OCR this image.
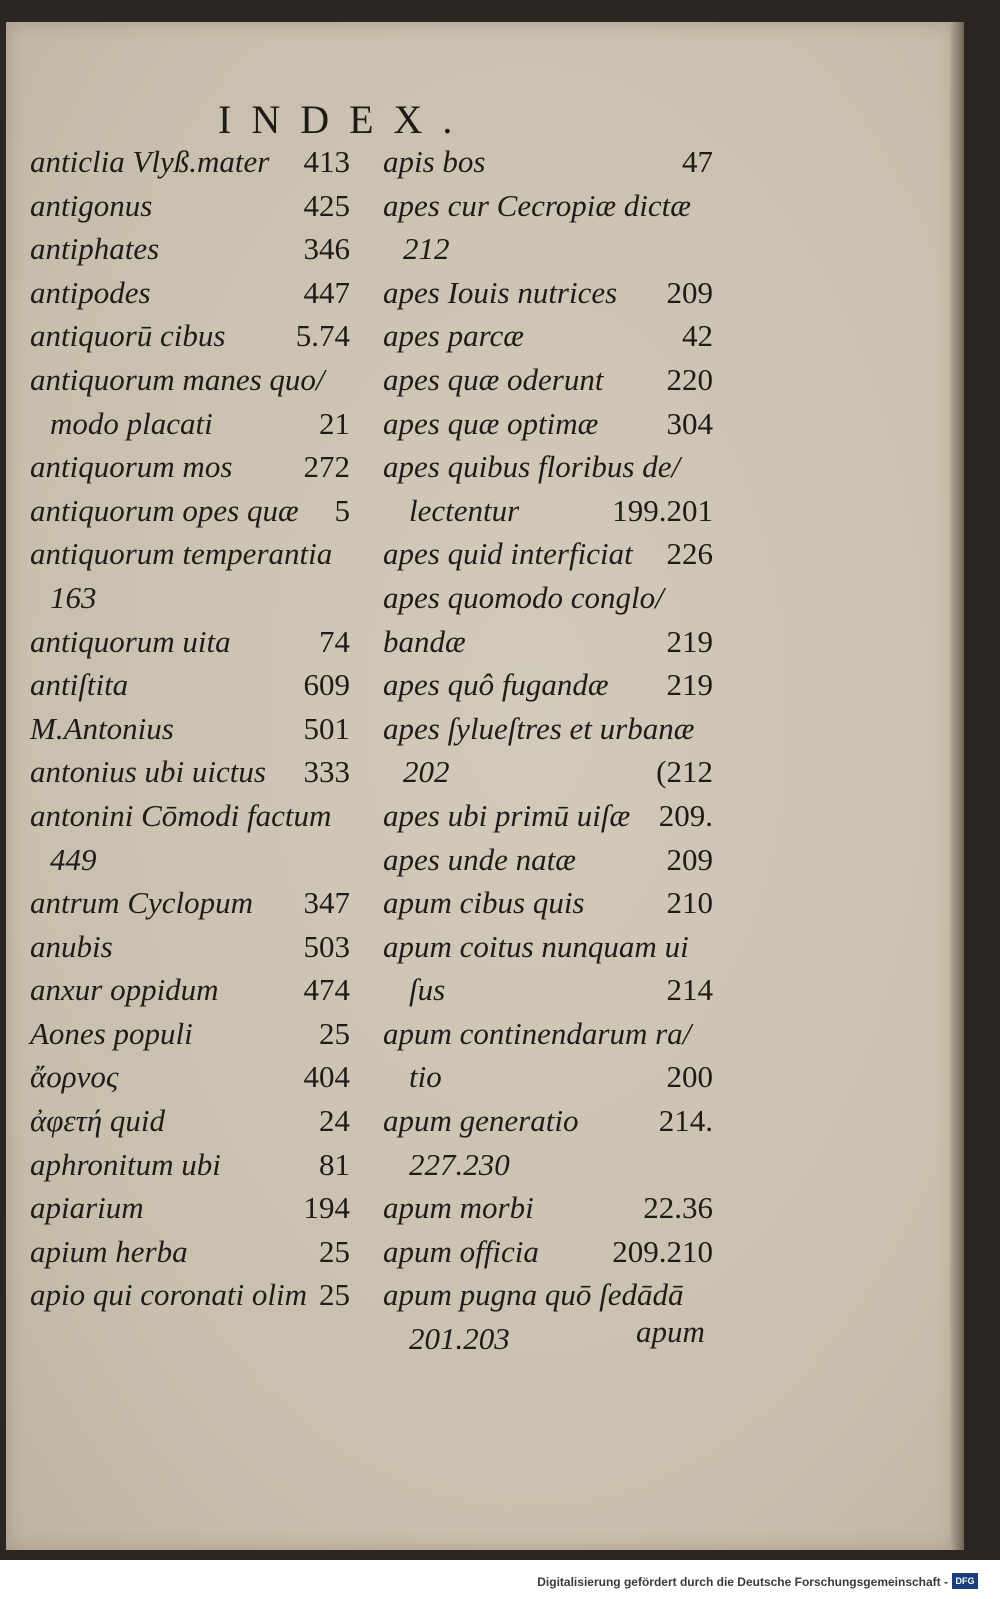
INDEX.
anticlia Vlyß.mater 413
antigonus	425
antiphates	346
antipodes	447
antiquorū cibus 5.74
antiquorum manes quo/
modo placati	21
antiquorum mos 272
antiquorum opes quæ 5
antiquorum temperantia
163
antiquorum uita	74
antiſtita	609
M.Antonius	501
antonius ubi uictus 333
antonini Cōmodi factum
449
antrum Cyclopum 347
anubis	503
anxur oppidum	474
Aones populi	25
ἄορνος	404
ἀφετή quid	24
aphronitum ubi	81
apiarium	194
apium herba	25
apio qui coronati olim 25
apis bos	47
apes cur Cecropiæ dictæ
212
apes Iouis nutrices 209
apes parcæ	42
apes quæ oderunt 220
apes quæ optimæ 304
apes quibus floribus de/
lectentur	199.201
apes quid interficiat 226
apes quomodo conglo/
bandæ	219
apes quô fugandæ 219
apes ſylueſtres et urbanæ
202	(212
apes ubi primū uiſæ 209.
apes unde natæ	209
apum cibus quis	210
apum coitus nunquam ui
ſus	214
apum continendarum ra/
tio	200
apum generatio	214.
227.230
apum morbi	22.36
apum officia 209.210
apum pugna quō ſedādā
201.203	apum
Digitalisierung gefördert durch die Deutsche Forschungsgemeinschaft - DFG
